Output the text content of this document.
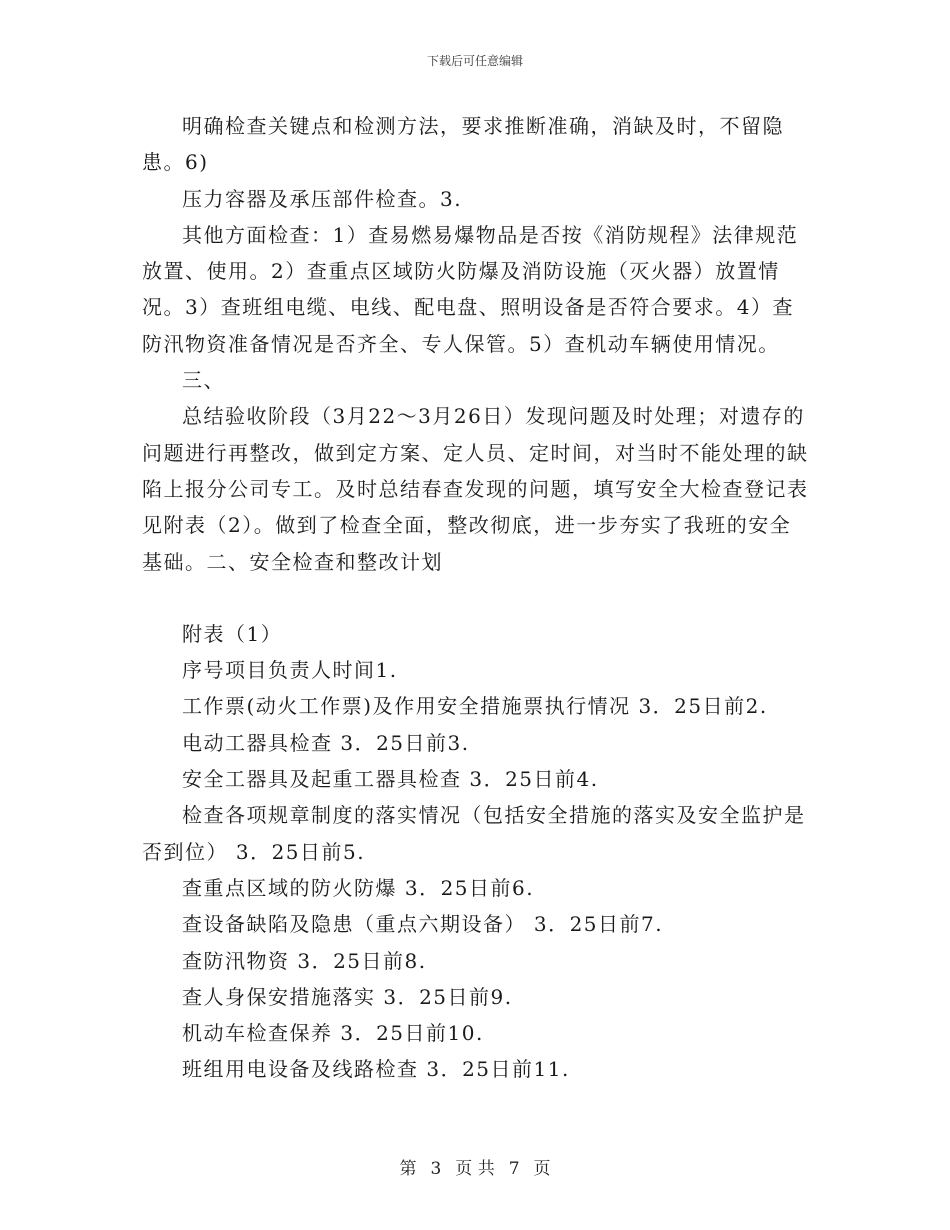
下载后可任意编辑

明确检查关键点和检测方法，要求推断准确，消缺及时，不留隐患。6)

压力容器及承压部件检查。3.

其他方面检查：1）查易燃易爆物品是否按《消防规程》法律规范放置、使用。2）查重点区域防火防爆及消防设施（灭火器）放置情况。3）查班组电缆、电线、配电盘、照明设备是否符合要求。4）查防汛物资准备情况是否齐全、专人保管。5）查机动车辆使用情况。

三、

总结验收阶段（3月22～3月26日）发现问题及时处理；对遗存的问题进行再整改，做到定方案、定人员、定时间，对当时不能处理的缺陷上报分公司专工。及时总结春查发现的问题，填写安全大检查登记表见附表（2）。做到了检查全面，整改彻底，进一步夯实了我班的安全基础。二、安全检查和整改计划

附表（1）

序号项目负责人时间1.

工作票(动火工作票)及作用安全措施票执行情况 3．25日前2.

电动工器具检查 3．25日前3.

安全工器具及起重工器具检查 3．25日前4.

检查各项规章制度的落实情况（包括安全措施的落实及安全监护是否到位） 3．25日前5.

查重点区域的防火防爆 3．25日前6.

查设备缺陷及隐患（重点六期设备） 3．25日前7.

查防汛物资 3．25日前8.

查人身保安措施落实 3．25日前9.

机动车检查保养 3．25日前10.

班组用电设备及线路检查 3．25日前11.

第 3 页 共 7 页
